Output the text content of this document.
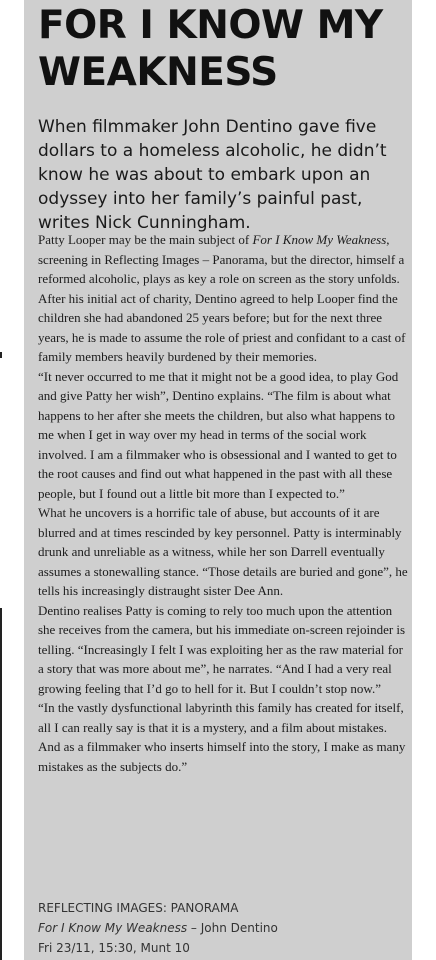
FOR I KNOW MY
WEAKNESS

When filmmaker John Dentino gave five dollars to a homeless alcoholic, he didn’t know he was about to embark upon an odyssey into her family’s painful past, writes Nick Cunningham.

Patty Looper may be the main subject of For I Know My Weakness, screening in Reflecting Images – Panorama, but the director, himself a reformed alcoholic, plays as key a role on screen as the story unfolds. After his initial act of charity, Dentino agreed to help Looper find the children she had abandoned 25 years before; but for the next three years, he is made to assume the role of priest and confidant to a cast of family members heavily burdened by their memories.

“It never occurred to me that it might not be a good idea, to play God and give Patty her wish”, Dentino explains. “The film is about what happens to her after she meets the children, but also what happens to me when I get in way over my head in terms of the social work involved. I am a filmmaker who is obsessional and I wanted to get to the root causes and find out what happened in the past with all these people, but I found out a little bit more than I expected to.”

What he uncovers is a horrific tale of abuse, but accounts of it are blurred and at times rescinded by key personnel. Patty is interminably drunk and unreliable as a witness, while her son Darrell eventually assumes a stonewalling stance. “Those details are buried and gone”, he tells his increasingly distraught sister Dee Ann.

Dentino realises Patty is coming to rely too much upon the attention she receives from the camera, but his immediate on-screen rejoinder is telling. “Increasingly I felt I was exploiting her as the raw material for a story that was more about me”, he narrates. “And I had a very real growing feeling that I’d go to hell for it. But I couldn’t stop now.”

“In the vastly dysfunctional labyrinth this family has created for itself, all I can really say is that it is a mystery, and a film about mistakes. And as a filmmaker who inserts himself into the story, I make as many mistakes as the subjects do.”

REFLECTING IMAGES: PANORAMA
For I Know My Weakness – John Dentino
Fri 23/11, 15:30, Munt 10
